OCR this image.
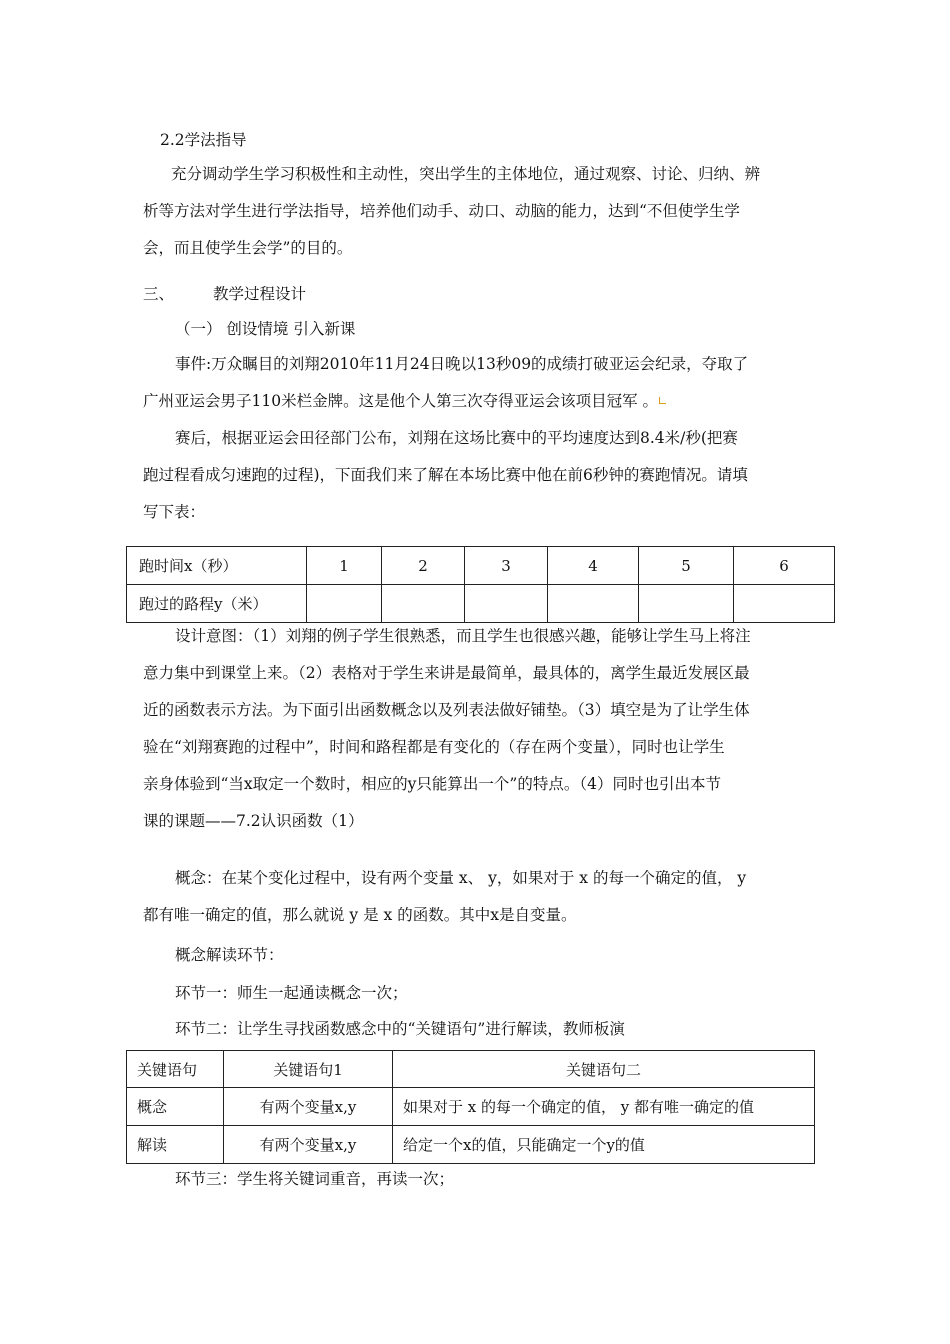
2.2学法指导
充分调动学生学习积极性和主动性，突出学生的主体地位，通过观察、讨论、归纳、辨
析等方法对学生进行学法指导，培养他们动手、动口、动脑的能力，达到“不但使学生学
会，而且使学生会学”的目的。
三、	教学过程设计
（一） 创设情境 引入新课
事件:万众瞩目的刘翔2010年11月24日晚以13秒09的成绩打破亚运会纪录，夺取了
广州亚运会男子110米栏金牌。这是他个人第三次夺得亚运会该项目冠军 。
赛后，根据亚运会田径部门公布，刘翔在这场比赛中的平均速度达到8.4米/秒(把赛
跑过程看成匀速跑的过程)，下面我们来了解在本场比赛中他在前6秒钟的赛跑情况。请填
写下表：
跑时间x（秒）	1	2	3	4	5	6
跑过的路程y（米）						
设计意图：（1）刘翔的例子学生很熟悉，而且学生也很感兴趣，能够让学生马上将注
意力集中到课堂上来。（2）表格对于学生来讲是最简单，最具体的，离学生最近发展区最
近的函数表示方法。为下面引出函数概念以及列表法做好铺垫。（3）填空是为了让学生体
验在“刘翔赛跑的过程中”，时间和路程都是有变化的（存在两个变量），同时也让学生
亲身体验到“当x取定一个数时，相应的y只能算出一个”的特点。（4）同时也引出本节
课的课题——7.2认识函数（1）
概念：在某个变化过程中，设有两个变量 x、 y，如果对于 x 的每一个确定的值， y
都有唯一确定的值，那么就说 y 是 x 的函数。其中x是自变量。
概念解读环节：
环节一：师生一起通读概念一次；
环节二：让学生寻找函数感念中的“关键语句”进行解读，教师板演
关键语句	关键语句1	关键语句二
概念	有两个变量x,y	如果对于 x 的每一个确定的值， y 都有唯一确定的值
解读	有两个变量x,y	给定一个x的值，只能确定一个y的值
环节三：学生将关键词重音，再读一次；
